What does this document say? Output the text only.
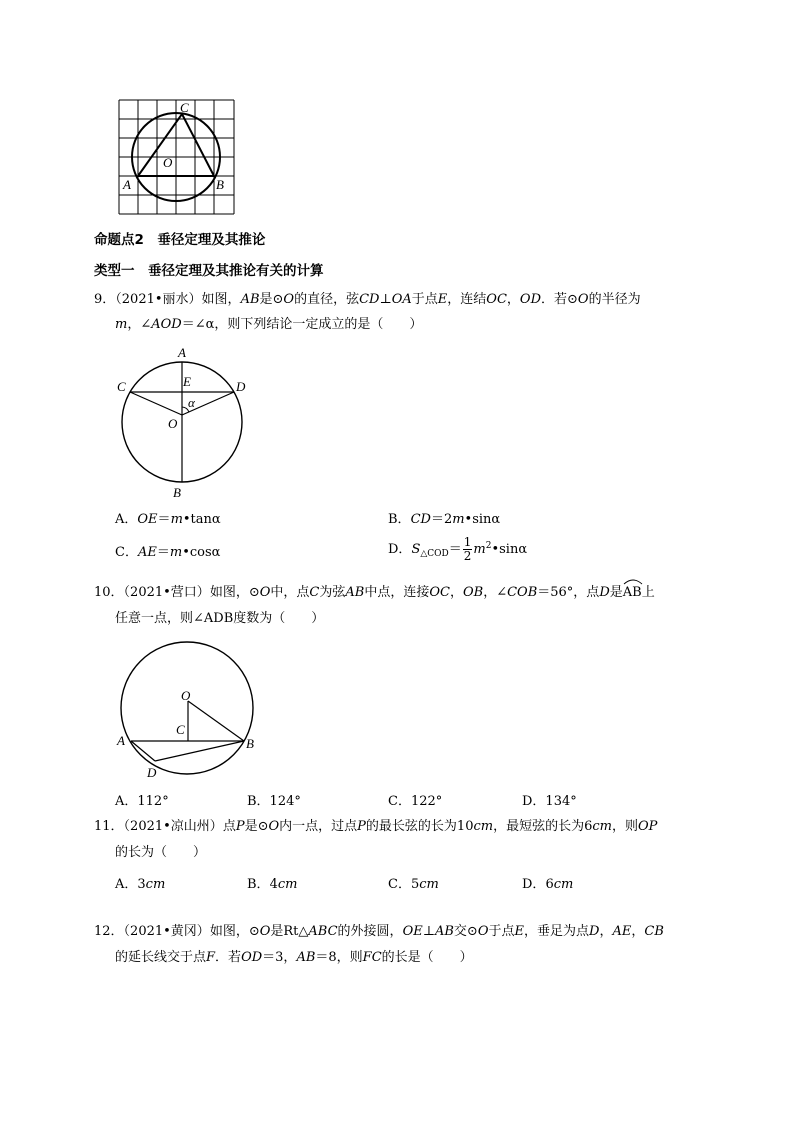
C
O
A	B
命题点2　垂径定理及其推论
类型一　垂径定理及其推论有关的计算
9．（2021•丽水）如图，AB是⊙O的直径，弦CD⊥OA于点E，连结OC，OD．若⊙O的半径为
m，∠AOD＝∠α，则下列结论一定成立的是（　　）
A
C	D
E
α
O
B
A．OE＝m•tanα	B．CD＝2m•sinα
C．AE＝m•cosα	D．$S_{\triangle COD}= \frac{1}{2}$ $m^2•\sin\alpha$
10．（2021•营口）如图，⊙O中，点C为弦AB中点，连接OC，OB，∠COB＝56°，点D是
AB上
任意一点，则∠ADB度数为（　　）
O
C
A	B
D
A．112°	B．124°	C．122°	D．134°
11．（2021•凉山州）点P是⊙O内一点，过点P的最长弦的长为10cm，最短弦的长为6cm，则OP
的长为（　　）
A．3cm	B．4cm	C．5cm	D．6cm
12．（2021•黄冈）如图，⊙O是Rt△ABC的外接圆，OE⊥AB交⊙O于点E，垂足为点D，AE，CB
的延长线交于点F．若OD＝3，AB＝8，则FC的长是（　　）
